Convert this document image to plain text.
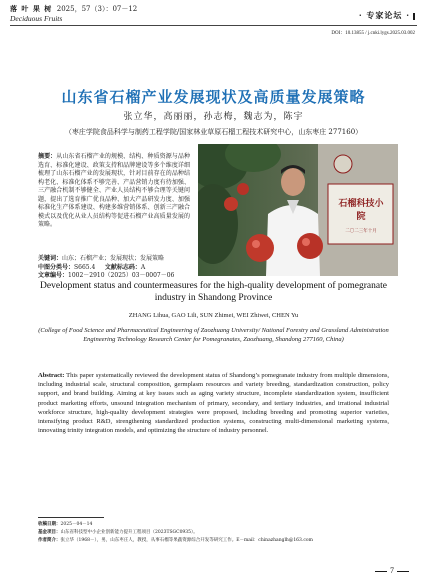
落 叶 果 树 2025，57（3）：07－12
Deciduous Fruits	· 专家论坛 ·
DOI：10.13855 / j.cnki.lygs.2025.03.002
山东省石榴产业发展现状及高质量发展策略
张立华，高丽丽，孙志梅，魏志为，陈宇
（枣庄学院食品科学与制药工程学院/国家林业草原石榴工程技术研究中心，山东枣庄 277160）
摘要：从山东省石榴产业的规模、结构、种质资源与品种选育、标准化建设、政策支持和品牌建设等多个维度详细梳理了山东石榴产业的发展现状，针对目前存在的品种结构老化、标准化体系不够完善、产品营销力度有待加强、三产融合机制不够健全、产业人员结构不够合理等关键问题，提出了选育推广优良品种、加大产品研发力度、加强标准化生产体系建设、构建多维营销体系、创新三产融合模式以及优化从业人员结构等促进石榴产业高质量发展的策略。
关键词：山东；石榴产业；发展现状；发展策略
中图分类号：S665.4 文献标志码：A
文章编号：1002－2910（2025）03－0007－06
石榴科技小院
二〇二三年十月
Development status and countermeasures for the high-quality development of pomegranate industry in Shandong Province
ZHANG Lihua, GAO Lili, SUN Zhimei, WEI Zhiwei, CHEN Yu
(College of Food Science and Pharmaceutical Engineering of Zaozhuang University/ National Forestry and Grassland Administration Engineering Technology Research Center for Pomegranates, Zaozhuang, Shandong 277160, China)
Abstract: This paper systematically reviewed the development status of Shandong’s pomegranate industry from multiple dimensions, including industrial scale, structural composition, germplasm resources and variety breeding, standardization construction, policy support, and brand building. Aiming at key issues such as aging variety structure, incomplete standardization system, insufficient product marketing efforts, unsound integration mechanism of primary, secondary, and tertiary industries, and irrational industrial workforce structure, high-quality development strategies were proposed, including breeding and promoting superior varieties, intensifying product R&D, strengthening standardized production systems, constructing multi-dimensional marketing systems, innovating trinity integration models, and optimizing the structure of industry personnel.
收稿日期：2025－04－14
基金项目：山东省科技型中小企业创新能力提升工程项目（2023TSGC0935）。
作者简介：张立华（1968－），男，山东枣庄人，教授，从事石榴等果蔬资源综合开发等研究工作。E－mail：chinazhanglh@163.com
7
